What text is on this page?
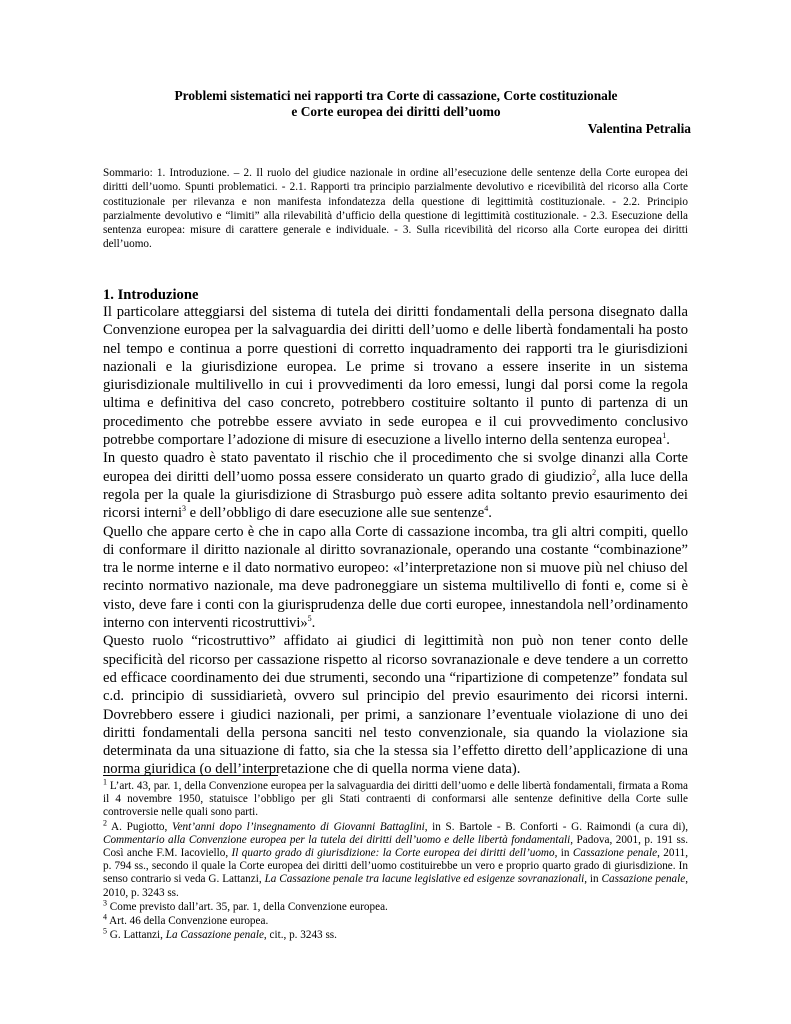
Problemi sistematici nei rapporti tra Corte di cassazione, Corte costituzionale
e Corte europea dei diritti dell’uomo
Valentina Petralia
Sommario: 1. Introduzione. – 2. Il ruolo del giudice nazionale in ordine all’esecuzione delle sentenze della Corte europea dei diritti dell’uomo. Spunti problematici. - 2.1. Rapporti tra principio parzialmente devolutivo e ricevibilità del ricorso alla Corte costituzionale per rilevanza e non manifesta infondatezza della questione di legittimità costituzionale. - 2.2. Principio parzialmente devolutivo e “limiti” alla rilevabilità d’ufficio della questione di legittimità costituzionale. - 2.3. Esecuzione della sentenza europea: misure di carattere generale e individuale. - 3. Sulla ricevibilità del ricorso alla Corte europea dei diritti dell’uomo.
1. Introduzione

Il particolare atteggiarsi del sistema di tutela dei diritti fondamentali della persona disegnato dalla Convenzione europea per la salvaguardia dei diritti dell’uomo e delle libertà fondamentali ha posto nel tempo e continua a porre questioni di corretto inquadramento dei rapporti tra le giurisdizioni nazionali e la giurisdizione europea. Le prime si trovano a essere inserite in un sistema giurisdizionale multilivello in cui i provvedimenti da loro emessi, lungi dal porsi come la regola ultima e definitiva del caso concreto, potrebbero costituire soltanto il punto di partenza di un procedimento che potrebbe essere avviato in sede europea e il cui provvedimento conclusivo potrebbe comportare l’adozione di misure di esecuzione a livello interno della sentenza europea$^1$.

In questo quadro è stato paventato il rischio che il procedimento che si svolge dinanzi alla Corte europea dei diritti dell’uomo possa essere considerato un quarto grado di giudizio$^2$, alla luce della regola per la quale la giurisdizione di Strasburgo può essere adita soltanto previo esaurimento dei ricorsi interni$^3$ e dell’obbligo di dare esecuzione alle sue sentenze$^4$.

Quello che appare certo è che in capo alla Corte di cassazione incomba, tra gli altri compiti, quello di conformare il diritto nazionale al diritto sovranazionale, operando una costante “combinazione” tra le norme interne e il dato normativo europeo: «l’interpretazione non si muove più nel chiuso del recinto normativo nazionale, ma deve padroneggiare un sistema multilivello di fonti e, come si è visto, deve fare i conti con la giurisprudenza delle due corti europee, innestandola nell’ordinamento interno con interventi ricostruttivi»$^5$.

Questo ruolo “ricostruttivo” affidato ai giudici di legittimità non può non tener conto delle specificità del ricorso per cassazione rispetto al ricorso sovranazionale e deve tendere a un corretto ed efficace coordinamento dei due strumenti, secondo una “ripartizione di competenze” fondata sul c.d. principio di sussidiarietà, ovvero sul principio del previo esaurimento dei ricorsi interni. Dovrebbero essere i giudici nazionali, per primi, a sanzionare l’eventuale violazione di uno dei diritti fondamentali della persona sanciti nel testo convenzionale, sia quando la violazione sia determinata da una situazione di fatto, sia che la stessa sia l’effetto diretto dell’applicazione di una norma giuridica (o dell’interpretazione che di quella norma viene data).

$^1$ L’art. 43, par. 1, della Convenzione europea per la salvaguardia dei diritti dell’uomo e delle libertà fondamentali, firmata a Roma il 4 novembre 1950, statuisce l’obbligo per gli Stati contraenti di conformarsi alle sentenze definitive della Corte sulle controversie nelle quali sono parti.

$^2$ A. Pugiotto, Vent’anni dopo l’insegnamento di Giovanni Battaglini, in S. Bartole - B. Conforti - G. Raimondi (a cura di), Commentario alla Convenzione europea per la tutela dei diritti dell’uomo e delle libertà fondamentali, Padova, 2001, p. 191 ss. Così anche F.M. Iacoviello, Il quarto grado di giurisdizione: la Corte europea dei diritti dell’uomo, in Cassazione penale, 2011, p. 794 ss., secondo il quale la Corte europea dei diritti dell’uomo costituirebbe un vero e proprio quarto grado di giurisdizione. In senso contrario si veda G. Lattanzi, La Cassazione penale tra lacune legislative ed esigenze sovranazionali, in Cassazione penale, 2010, p. 3243 ss.

$^3$ Come previsto dall’art. 35, par. 1, della Convenzione europea.

$^4$ Art. 46 della Convenzione europea.

$^5$ G. Lattanzi, La Cassazione penale, cit., p. 3243 ss.
